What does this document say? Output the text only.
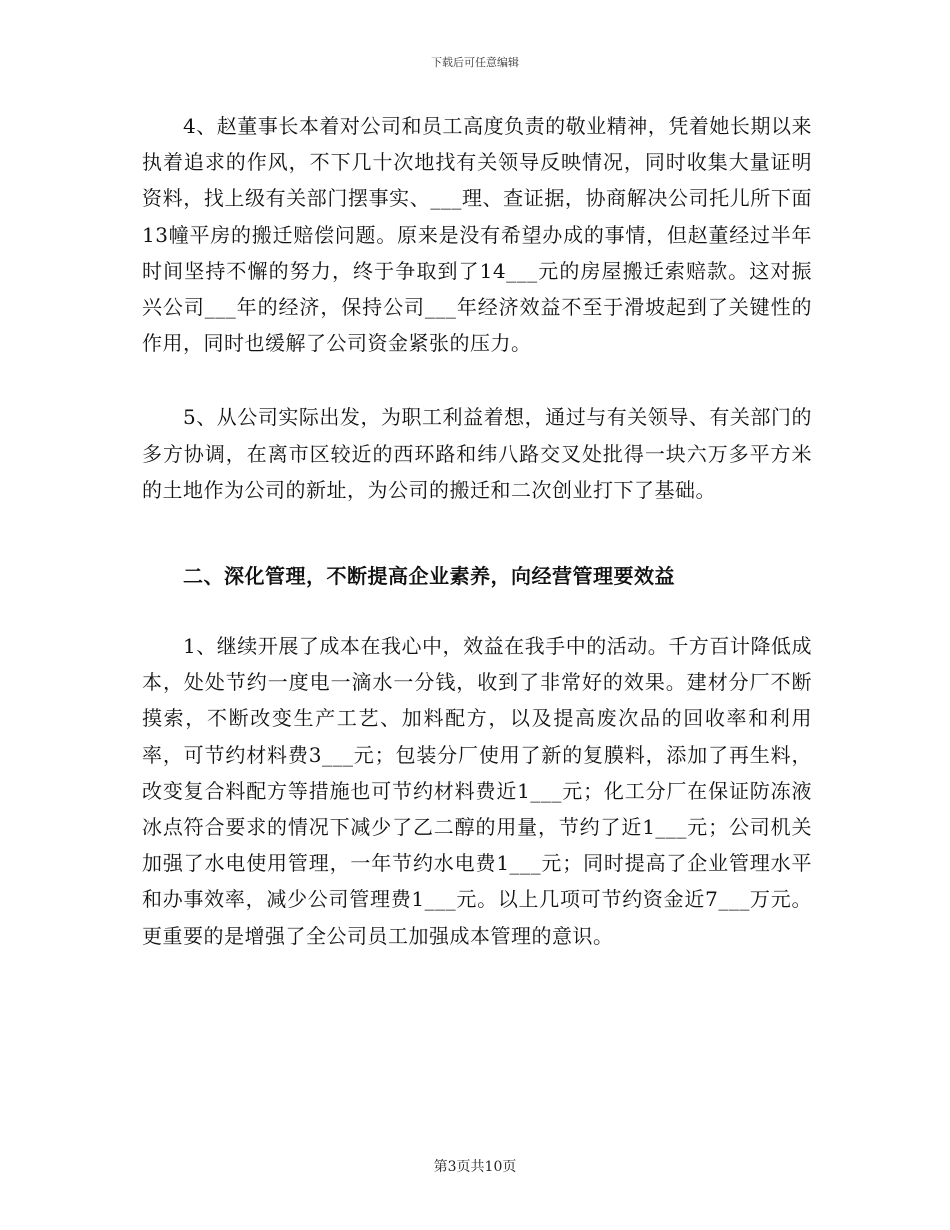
下载后可任意编辑

4、赵董事长本着对公司和员工高度负责的敬业精神，凭着她长期以来执着追求的作风，不下几十次地找有关领导反映情况，同时收集大量证明资料，找上级有关部门摆事实、___理、查证据，协商解决公司托儿所下面13幢平房的搬迁赔偿问题。原来是没有希望办成的事情，但赵董经过半年时间坚持不懈的努力，终于争取到了14___元的房屋搬迁索赔款。这对振兴公司___年的经济，保持公司___年经济效益不至于滑坡起到了关键性的作用，同时也缓解了公司资金紧张的压力。

5、从公司实际出发，为职工利益着想，通过与有关领导、有关部门的多方协调，在离市区较近的西环路和纬八路交叉处批得一块六万多平方米的土地作为公司的新址，为公司的搬迁和二次创业打下了基础。

二、深化管理，不断提高企业素养，向经营管理要效益

1、继续开展了成本在我心中，效益在我手中的活动。千方百计降低成本，处处节约一度电一滴水一分钱，收到了非常好的效果。建材分厂不断摸索，不断改变生产工艺、加料配方，以及提高废次品的回收率和利用率，可节约材料费3___元；包装分厂使用了新的复膜料，添加了再生料，改变复合料配方等措施也可节约材料费近1___元；化工分厂在保证防冻液冰点符合要求的情况下减少了乙二醇的用量，节约了近1___元；公司机关加强了水电使用管理，一年节约水电费1___元；同时提高了企业管理水平和办事效率，减少公司管理费1___元。以上几项可节约资金近7___万元。更重要的是增强了全公司员工加强成本管理的意识。

第3页共10页
